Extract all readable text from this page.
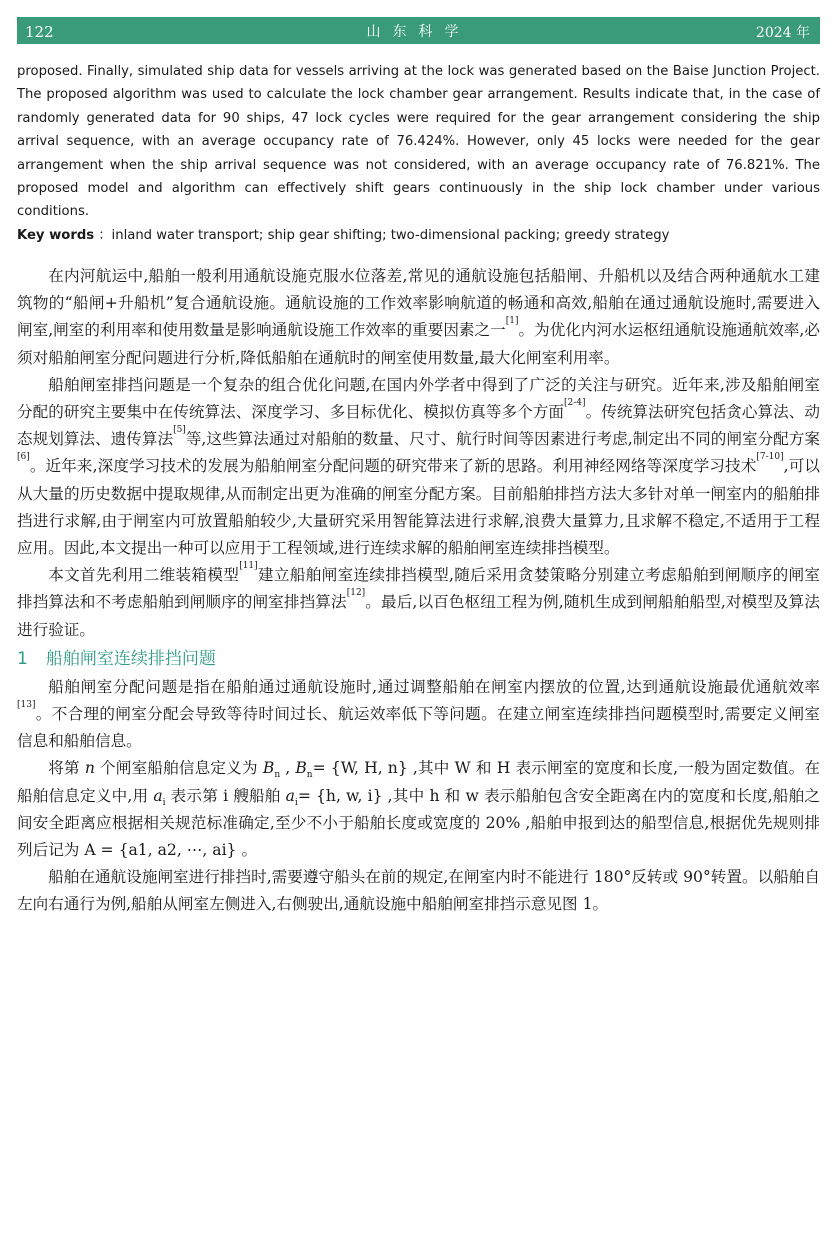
122	山东科学	2024 年

proposed. Finally, simulated ship data for vessels arriving at the lock was generated based on the Baise Junction Project. The proposed algorithm was used to calculate the lock chamber gear arrangement. Results indicate that, in the case of randomly generated data for 90 ships, 47 lock cycles were required for the gear arrangement considering the ship arrival sequence, with an average occupancy rate of 76.424%. However, only 45 locks were needed for the gear arrangement when the ship arrival sequence was not considered, with an average occupancy rate of 76.821%. The proposed model and algorithm can effectively shift gears continuously in the ship lock chamber under various conditions.

Key words ：inland water transport; ship gear shifting; two-dimensional packing; greedy strategy

在内河航运中,船舶一般利用通航设施克服水位落差,常见的通航设施包括船闸、升船机以及结合两种通航水工建筑物的“船闸+升船机”复合通航设施。通航设施的工作效率影响航道的畅通和高效,船舶在通过通航设施时,需要进入闸室,闸室的利用率和使用数量是影响通航设施工作效率的重要因素之一[1]。为优化内河水运枢纽通航设施通航效率,必须对船舶闸室分配问题进行分析,降低船舶在通航时的闸室使用数量,最大化闸室利用率。

船舶闸室排挡问题是一个复杂的组合优化问题,在国内外学者中得到了广泛的关注与研究。近年来,涉及船舶闸室分配的研究主要集中在传统算法、深度学习、多目标优化、模拟仿真等多个方面[2-4]。传统算法研究包括贪心算法、动态规划算法、遗传算法[5]等,这些算法通过对船舶的数量、尺寸、航行时间等因素进行考虑,制定出不同的闸室分配方案[6]。近年来,深度学习技术的发展为船舶闸室分配问题的研究带来了新的思路。利用神经网络等深度学习技术[7-10],可以从大量的历史数据中提取规律,从而制定出更为准确的闸室分配方案。目前船舶排挡方法大多针对单一闸室内的船舶排挡进行求解,由于闸室内可放置船舶较少,大量研究采用智能算法进行求解,浪费大量算力,且求解不稳定,不适用于工程应用。因此,本文提出一种可以应用于工程领域,进行连续求解的船舶闸室连续排挡模型。

本文首先利用二维装箱模型[11]建立船舶闸室连续排挡模型,随后采用贪婪策略分别建立考虑船舶到闸顺序的闸室排挡算法和不考虑船舶到闸顺序的闸室排挡算法[12]。最后,以百色枢纽工程为例,随机生成到闸船舶船型,对模型及算法进行验证。

1 船舶闸室连续排挡问题

船舶闸室分配问题是指在船舶通过通航设施时,通过调整船舶在闸室内摆放的位置,达到通航设施最优通航效率[13]。不合理的闸室分配会导致等待时间过长、航运效率低下等问题。在建立闸室连续排挡问题模型时,需要定义闸室信息和船舶信息。

将第 n 个闸室船舶信息定义为 $B_n$ , $B_n= \{W$, H, n} ,其中 W 和 H 表示闸室的宽度和长度,一般为固定数值。在船舶信息定义中,用 $a_i$ 表示第 i 艘船舶 $a_i= \{h$, w, i} ,其中 h 和 w 表示船舶包含安全距离在内的宽度和长度,船舶之间安全距离应根据相关规范标准确定,至少不小于船舶长度或宽度的 20% ,船舶申报到达的船型信息,根据优先规则排列后记为 A = {a1, a2, ⋯, ai} 。

船舶在通航设施闸室进行排挡时,需要遵守船头在前的规定,在闸室内时不能进行 180°反转或 90°转置。以船舶自左向右通行为例,船舶从闸室左侧进入,右侧驶出,通航设施中船舶闸室排挡示意见图 1。
